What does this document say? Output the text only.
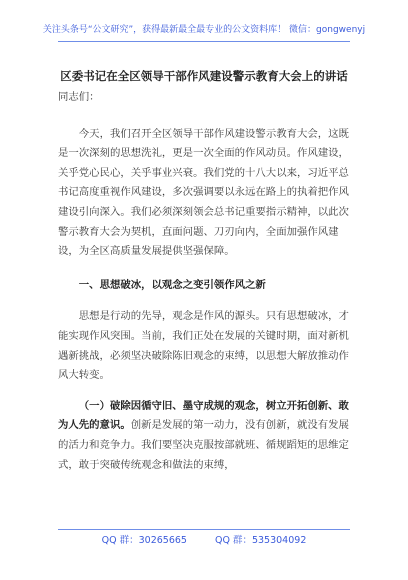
关注头条号“公文研究”，获得最新最全最专业的公文资料库！ 微信：gongwenyj
区委书记在全区领导干部作风建设警示教育大会上的讲话

同志们：

今天，我们召开全区领导干部作风建设警示教育大会，这既是一次深刻的思想洗礼，更是一次全面的作风动员。作风建设，关乎党心民心，关乎事业兴衰。我们党的十八大以来，习近平总书记高度重视作风建设，多次强调要以永远在路上的执着把作风建设引向深入。我们必须深刻领会总书记重要指示精神，以此次警示教育大会为契机，直面问题、刀刃向内，全面加强作风建设，为全区高质量发展提供坚强保障。

一、思想破冰，以观念之变引领作风之新

思想是行动的先导，观念是作风的源头。只有思想破冰，才能实现作风突围。当前，我们正处在发展的关键时期，面对新机遇新挑战，必须坚决破除陈旧观念的束缚，以思想大解放推动作风大转变。

（一）破除因循守旧、墨守成规的观念，树立开拓创新、敢为人先的意识。创新是发展的第一动力，没有创新，就没有发展的活力和竞争力。我们要坚决克服按部就班、循规蹈矩的思维定式，敢于突破传统观念和做法的束缚，

QQ 群：30265665	QQ 群：535304092
